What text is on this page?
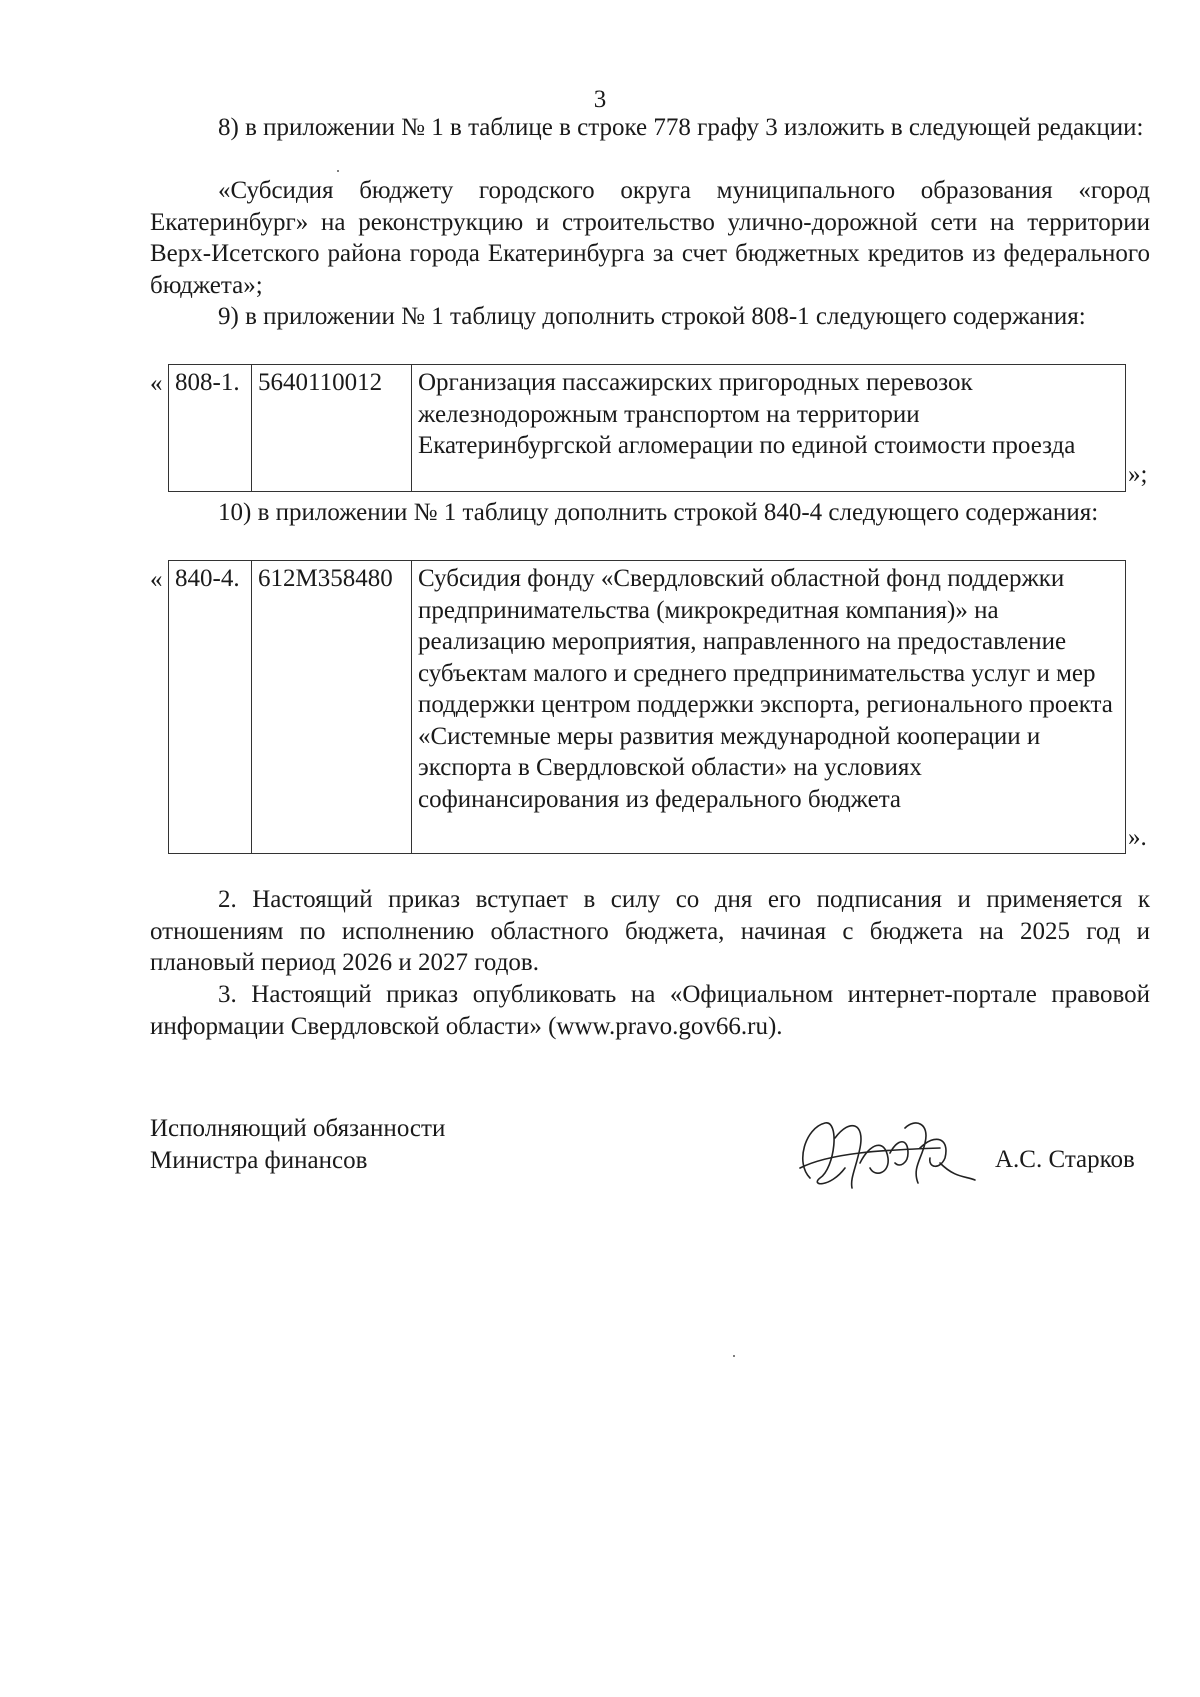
3

8) в приложении № 1 в таблице в строке 778 графу 3 изложить в следующей редакции:

«Субсидия бюджету городского округа муниципального образования «город Екатеринбург» на реконструкцию и строительство улично-дорожной сети на территории Верх-Исетского района города Екатеринбурга за счет бюджетных кредитов из федерального бюджета»;

9) в приложении № 1 таблицу дополнить строкой 808-1 следующего содержания:

« 808-1.	5640110012	Организация пассажирских пригородных перевозок железнодорожным транспортом на территории Екатеринбургской агломерации по единой стоимости проезда
»;

10) в приложении № 1 таблицу дополнить строкой 840-4 следующего содержания:

« 840-4.	612М358480	Субсидия фонду «Свердловский областной фонд поддержки предпринимательства (микрокредитная компания)» на реализацию мероприятия, направленного на предоставление субъектам малого и среднего предпринимательства услуг и мер поддержки центром поддержки экспорта, регионального проекта «Системные меры развития международной кооперации и экспорта в Свердловской области» на условиях софинансирования из федерального бюджета
».

2. Настоящий приказ вступает в силу со дня его подписания и применяется к отношениям по исполнению областного бюджета, начиная с бюджета на 2025 год и плановый период 2026 и 2027 годов.

3. Настоящий приказ опубликовать на «Официальном интернет-портале правовой информации Свердловской области» (www.pravo.gov66.ru).

Исполняющий обязанности
Министра финансов	А.С. Старков
